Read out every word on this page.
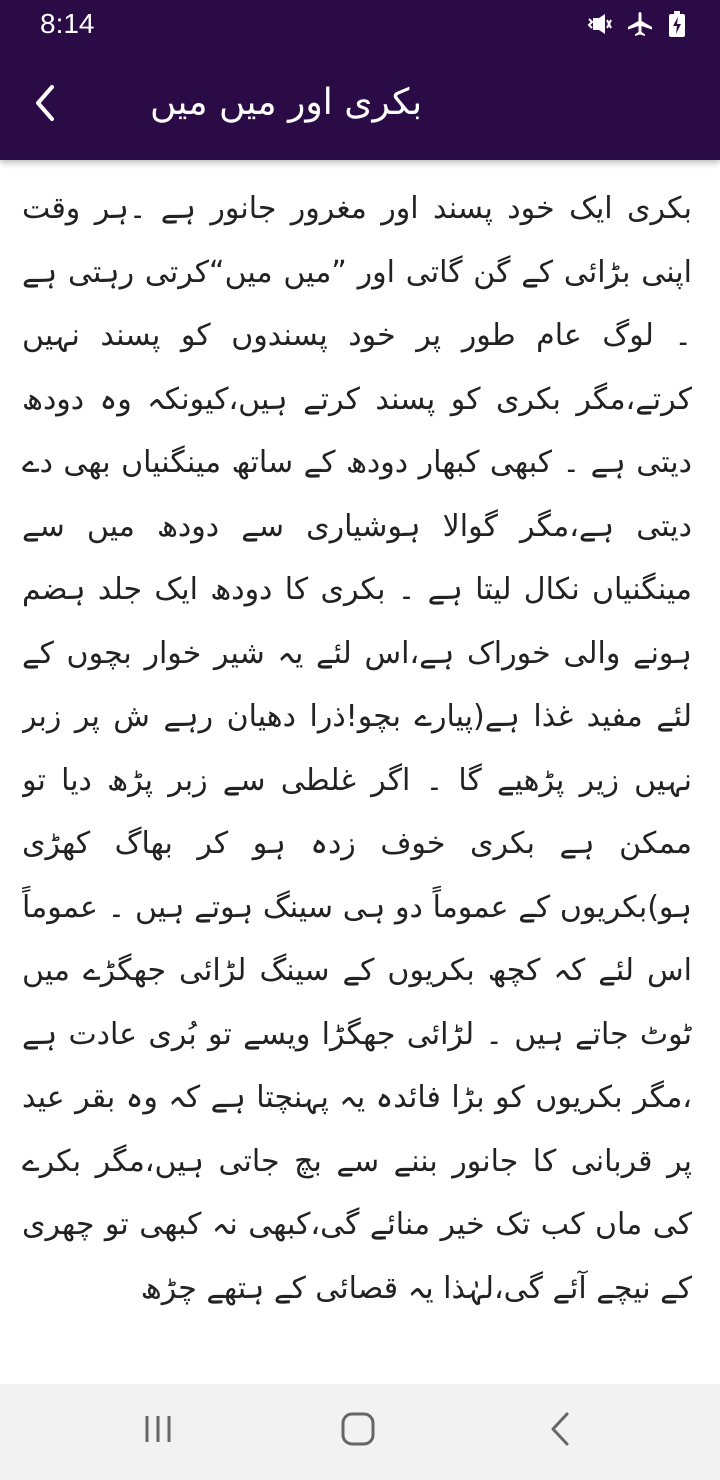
8:14
بکری اور میں میں

بکری ایک خود پسند اور مغرور جانور ہے ۔ہر وقت اپنی بڑائی کے گن گاتی اور ”میں میں“کرتی رہتی ہے ۔ لوگ عام طور پر خود پسندوں کو پسند نہیں کرتے،مگر بکری کو پسند کرتے ہیں،کیونکہ وہ دودھ دیتی ہے ۔ کبھی کبھار دودھ کے ساتھ مینگنیاں بھی دے دیتی ہے،مگر گوالا ہوشیاری سے دودھ میں سے مینگنیاں نکال لیتا ہے ۔ بکری کا دودھ ایک جلد ہضم ہونے والی خوراک ہے،اس لئے یہ شیر خوار بچوں کے لئے مفید غذا ہے(پیارے بچو!ذرا دھیان رہے ش پر زبر نہیں زیر پڑھیے گا ۔ اگر غلطی سے زبر پڑھ دیا تو ممکن ہے بکری خوف زدہ ہو کر بھاگ کھڑی ہو)بکریوں کے عموماً دو ہی سینگ ہوتے ہیں ۔ عموماً اس لئے کہ کچھ بکریوں کے سینگ لڑائی جھگڑے میں ٹوٹ جاتے ہیں ۔ لڑائی جھگڑا ویسے تو بُری عادت ہے ،مگر بکریوں کو بڑا فائدہ یہ پہنچتا ہے کہ وہ بقر عید پر قربانی کا جانور بننے سے بچ جاتی ہیں،مگر بکرے کی ماں کب تک خیر منائے گی،کبھی نہ کبھی تو چھری کے نیچے آئے گی،لہٰذا یہ قصائی کے ہتھے چڑھ
